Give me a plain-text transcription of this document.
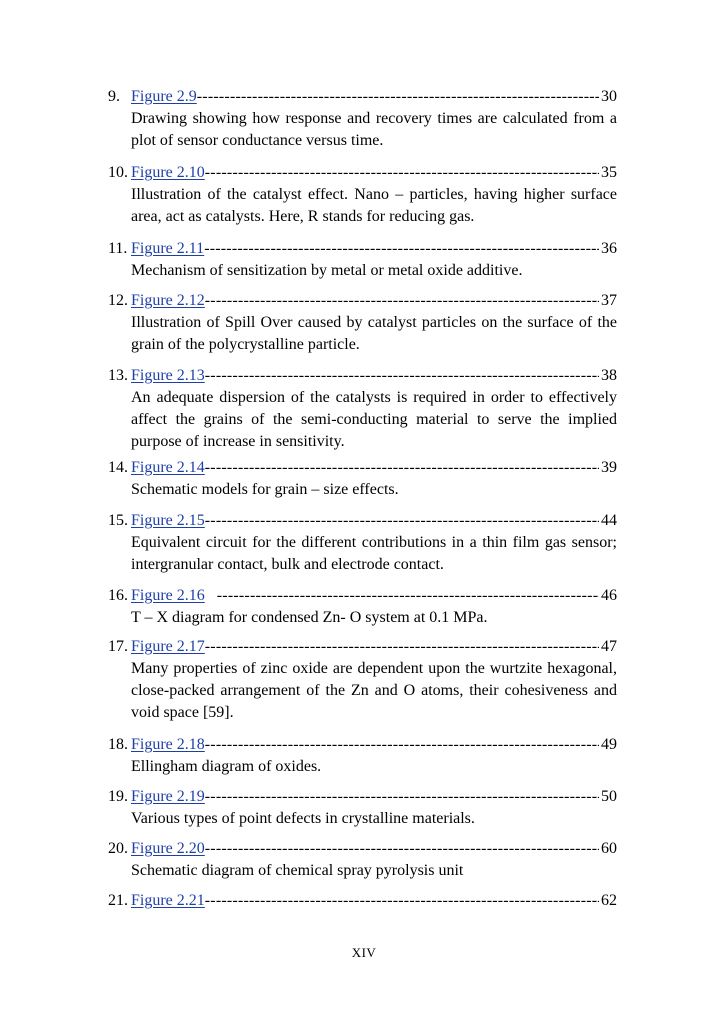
9. Figure 2.9 -----	30
Drawing showing how response and recovery times are calculated from a plot of sensor conductance versus time.
10. Figure 2.10 -----	35
Illustration of the catalyst effect. Nano – particles, having higher surface area, act as catalysts. Here, R stands for reducing gas.
11. Figure 2.11 -----	36
Mechanism of sensitization by metal or metal oxide additive.
12. Figure 2.12 -----	37
Illustration of Spill Over caused by catalyst particles on the surface of the grain of the polycrystalline particle.
13. Figure 2.13 -----	38
An adequate dispersion of the catalysts is required in order to effectively affect the grains of the semi-conducting material to serve the implied purpose of increase in sensitivity.
14. Figure 2.14 -----	39
Schematic models for grain – size effects.
15. Figure 2.15 -----	44
Equivalent circuit for the different contributions in a thin film gas sensor; intergranular contact, bulk and electrode contact.
16. Figure 2.16 -----	46
T – X diagram for condensed Zn- O system at 0.1 MPa.
17. Figure 2.17 -----	47
Many properties of zinc oxide are dependent upon the wurtzite hexagonal, close-packed arrangement of the Zn and O atoms, their cohesiveness and void space [59].
18. Figure 2.18 -----	49
Ellingham diagram of oxides.
19. Figure 2.19 -----	50
Various types of point defects in crystalline materials.
20. Figure 2.20 -----	60
Schematic diagram of chemical spray pyrolysis unit
21. Figure 2.21 -----	62
XIV
